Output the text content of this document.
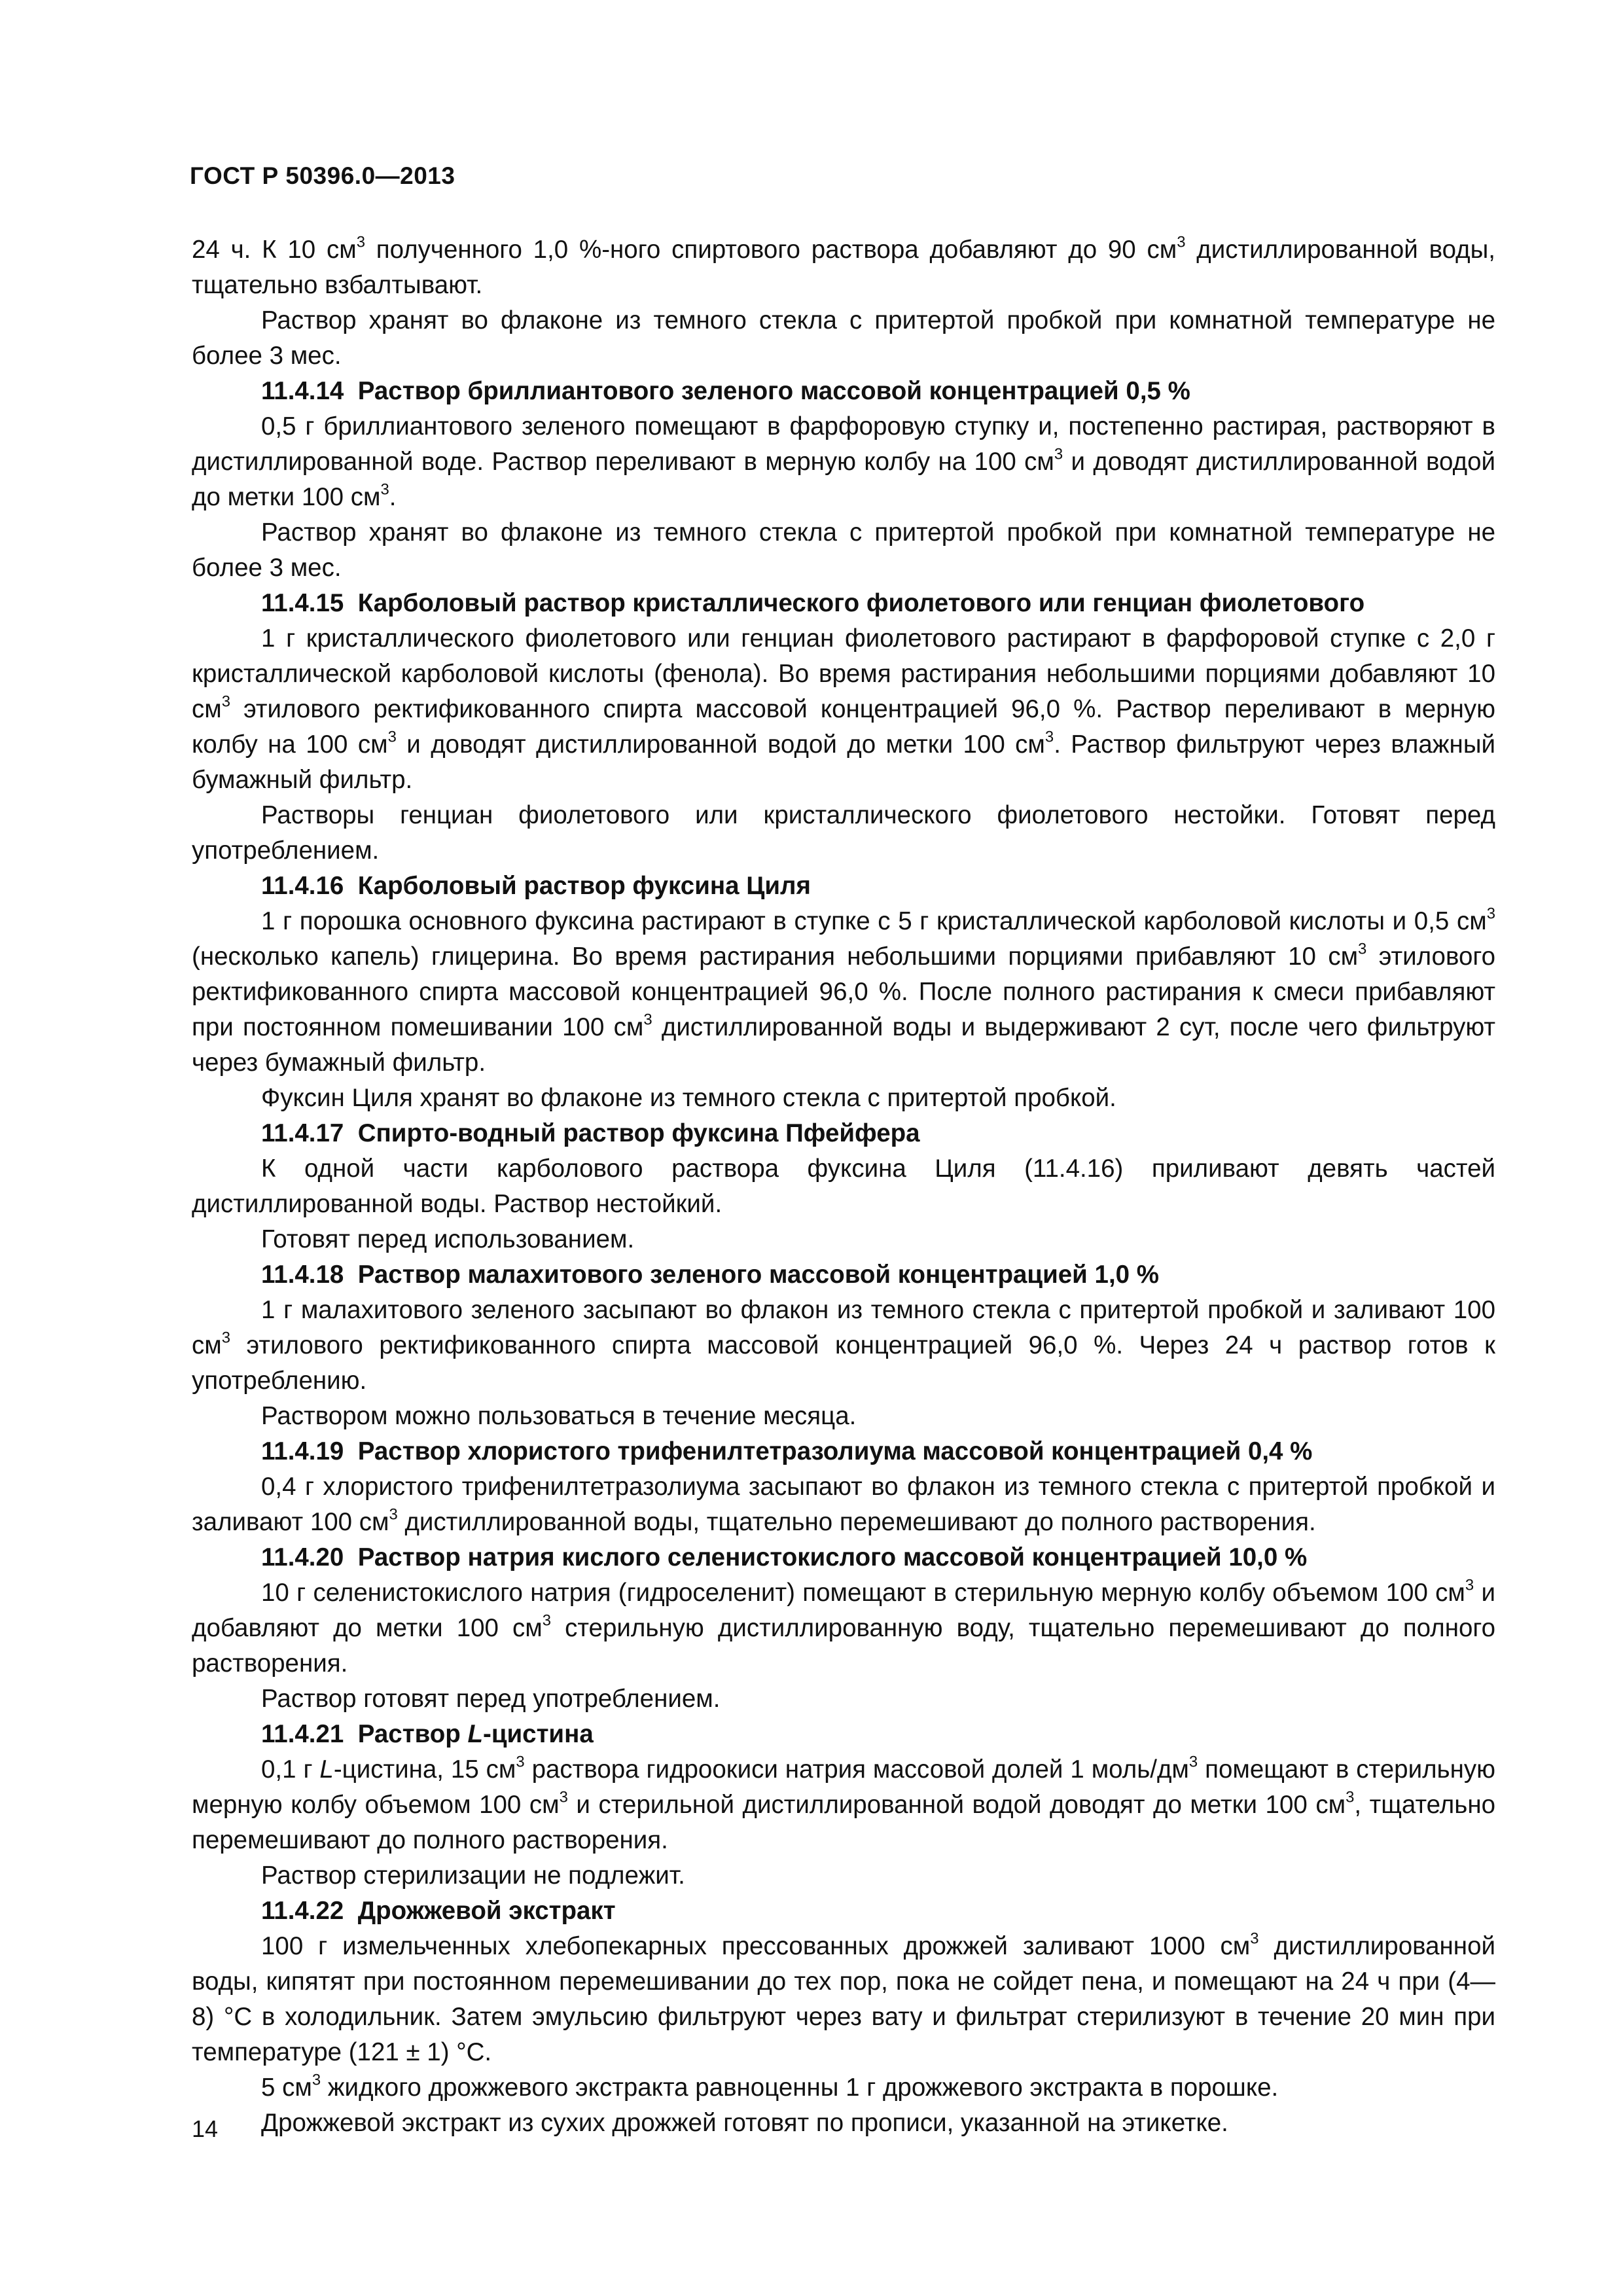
ГОСТ Р 50396.0—2013

24 ч. К 10 $см^3$ полученного 1,0 %-ного спиртового раствора добавляют до 90 $см^3$ дистиллированной воды, тщательно взбалтывают.

Раствор хранят во флаконе из темного стекла с притертой пробкой при комнатной температуре не более 3 мес.

11.4.14  Раствор бриллиантового зеленого массовой концентрацией 0,5 %

0,5 г бриллиантового зеленого помещают в фарфоровую ступку и, постепенно растирая, растворяют в дистиллированной воде. Раствор переливают в мерную колбу на 100 $см^3$ и доводят дистиллированной водой до метки 100 $см^3$.

Раствор хранят во флаконе из темного стекла с притертой пробкой при комнатной температуре не более 3 мес.

11.4.15  Карболовый раствор кристаллического фиолетового или генциан фиолетового

1 г кристаллического фиолетового или генциан фиолетового растирают в фарфоровой ступке с 2,0 г кристаллической карболовой кислоты (фенола). Во время растирания небольшими порциями добавляют 10 $см^3$ этилового ректификованного спирта массовой концентрацией 96,0 %. Раствор переливают в мерную колбу на 100 $см^3$ и доводят дистиллированной водой до метки 100 $см^3$. Раствор фильтруют через влажный бумажный фильтр.

Растворы генциан фиолетового или кристаллического фиолетового нестойки. Готовят перед употреблением.

11.4.16  Карболовый раствор фуксина Циля

1 г порошка основного фуксина растирают в ступке с 5 г кристаллической карболовой кислоты и 0,5 $см^3$ (несколько капель) глицерина. Во время растирания небольшими порциями прибавляют 10 $см^3$ этилового ректификованного спирта массовой концентрацией 96,0 %. После полного растирания к смеси прибавляют при постоянном помешивании 100 $см^3$ дистиллированной воды и выдерживают 2 сут, после чего фильтруют через бумажный фильтр.

Фуксин Циля хранят во флаконе из темного стекла с притертой пробкой.

11.4.17  Спирто-водный раствор фуксина Пфейфера

К одной части карболового раствора фуксина Циля (11.4.16) приливают девять частей дистиллированной воды. Раствор нестойкий.

Готовят перед использованием.

11.4.18  Раствор малахитового зеленого массовой концентрацией 1,0 %

1 г малахитового зеленого засыпают во флакон из темного стекла с притертой пробкой и заливают 100 $см^3$ этилового ректификованного спирта массовой концентрацией 96,0 %. Через 24 ч раствор готов к употреблению.

Раствором можно пользоваться в течение месяца.

11.4.19  Раствор хлористого трифенилтетразолиума массовой концентрацией 0,4 %

0,4 г хлористого трифенилтетразолиума засыпают во флакон из темного стекла с притертой пробкой и заливают 100 $см^3$ дистиллированной воды, тщательно перемешивают до полного растворения.

11.4.20  Раствор натрия кислого селенистокислого массовой концентрацией 10,0 %

10 г селенистокислого натрия (гидроселенит) помещают в стерильную мерную колбу объемом 100 $см^3$ и добавляют до метки 100 $см^3$ стерильную дистиллированную воду, тщательно перемешивают до полного растворения.

Раствор готовят перед употреблением.

11.4.21  Раствор L-цистина

0,1 г L-цистина, 15 $см^3$ раствора гидроокиси натрия массовой долей 1 моль/$дм^3$ помещают в стерильную мерную колбу объемом 100 $см^3$ и стерильной дистиллированной водой доводят до метки 100 $см^3$, тщательно перемешивают до полного растворения.

Раствор стерилизации не подлежит.

11.4.22  Дрожжевой экстракт

100 г измельченных хлебопекарных прессованных дрожжей заливают 1000 $см^3$ дистиллированной воды, кипятят при постоянном перемешивании до тех пор, пока не сойдет пена, и помещают на 24 ч при (4—8) °С в холодильник. Затем эмульсию фильтруют через вату и фильтрат стерилизуют в течение 20 мин при температуре (121 ± 1) °С.

5 $см^3$ жидкого дрожжевого экстракта равноценны 1 г дрожжевого экстракта в порошке.

Дрожжевой экстракт из сухих дрожжей готовят по прописи, указанной на этикетке.

14
